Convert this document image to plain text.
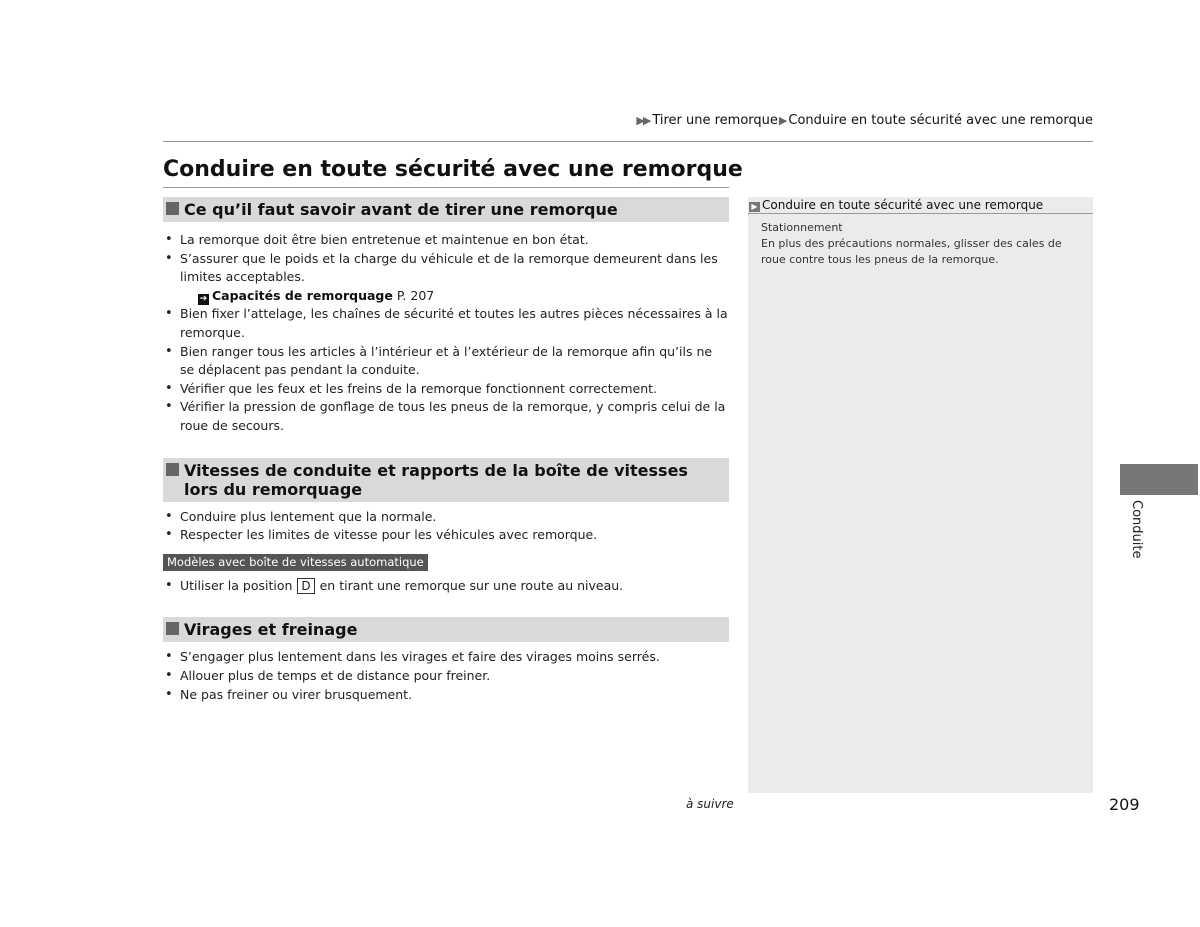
▶▶ Tirer une remorque▶Conduire en toute sécurité avec une remorque
Conduire en toute sécurité avec une remorque
Ce qu’il faut savoir avant de tirer une remorque
• La remorque doit être bien entretenue et maintenue en bon état.
• S’assurer que le poids et la charge du véhicule et de la remorque demeurent dans les limites acceptables.
➔ Capacités de remorquage P. 207
• Bien fixer l’attelage, les chaînes de sécurité et toutes les autres pièces nécessaires à la remorque.
• Bien ranger tous les articles à l’intérieur et à l’extérieur de la remorque afin qu’ils ne se déplacent pas pendant la conduite.
• Vérifier que les feux et les freins de la remorque fonctionnent correctement.
• Vérifier la pression de gonflage de tous les pneus de la remorque, y compris celui de la roue de secours.
Vitesses de conduite et rapports de la boîte de vitesses lors du remorquage
• Conduire plus lentement que la normale.
• Respecter les limites de vitesse pour les véhicules avec remorque.
Modèles avec boîte de vitesses automatique
• Utiliser la position D en tirant une remorque sur une route au niveau.
Virages et freinage
• S’engager plus lentement dans les virages et faire des virages moins serrés.
• Allouer plus de temps et de distance pour freiner.
• Ne pas freiner ou virer brusquement.
▶ Conduire en toute sécurité avec une remorque
Stationnement
En plus des précautions normales, glisser des cales de roue contre tous les pneus de la remorque.
Conduite
à suivre	209
